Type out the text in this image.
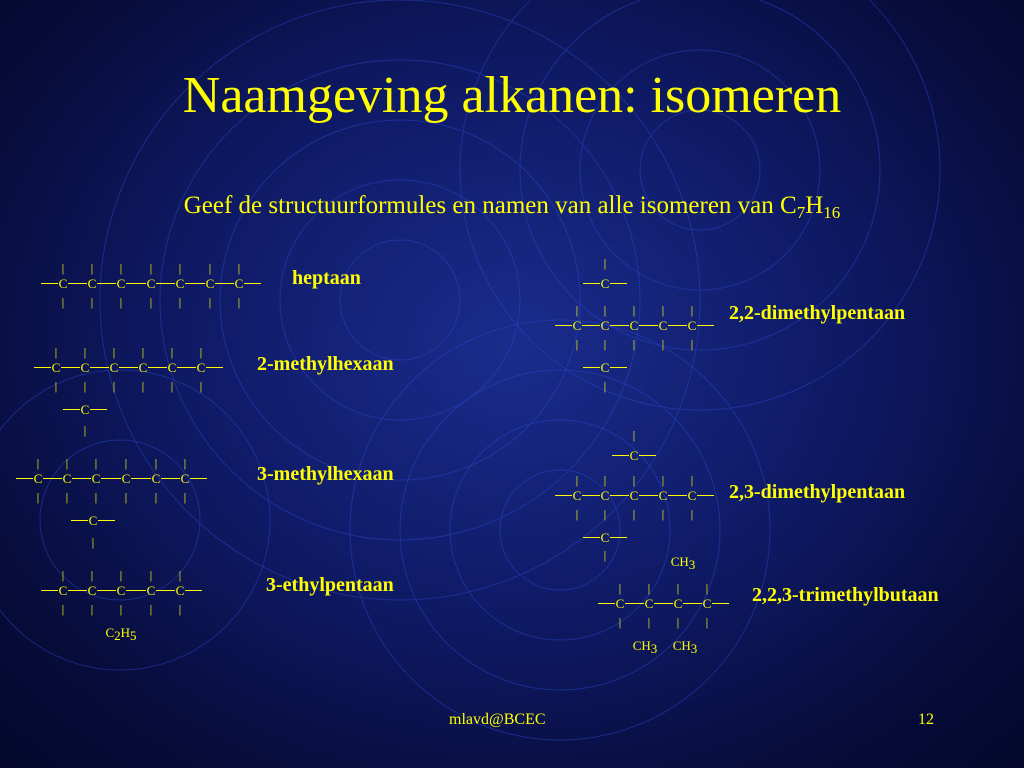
Naamgeving alkanen: isomeren
Geef de structuurformules en namen van alle isomeren van $C_7H_{16}$
heptaan
2-methylhexaan
3-methylhexaan
3-ethylpentaan
2,2-dimethylpentaan
2,3-dimethylpentaan
2,2,3-trimethylbutaan
C C C C C C C
| | | | | | |
| | | | | | |
C C C C C C
| | | | | |
| | | | | |
C
|
C C C C C C
| | | | | |
| | | | | |
C
|
C C C C C
| | | | |
| | | | |
C2H5
|
C
C C C C C
| | | | |
| | | | |
C
|
|
C
C C C C C
| | | | |
| | | | |
C
|	CH3
C C C C
| | | |
| | | |
CH3 CH3
mlavd@BCEC	12
